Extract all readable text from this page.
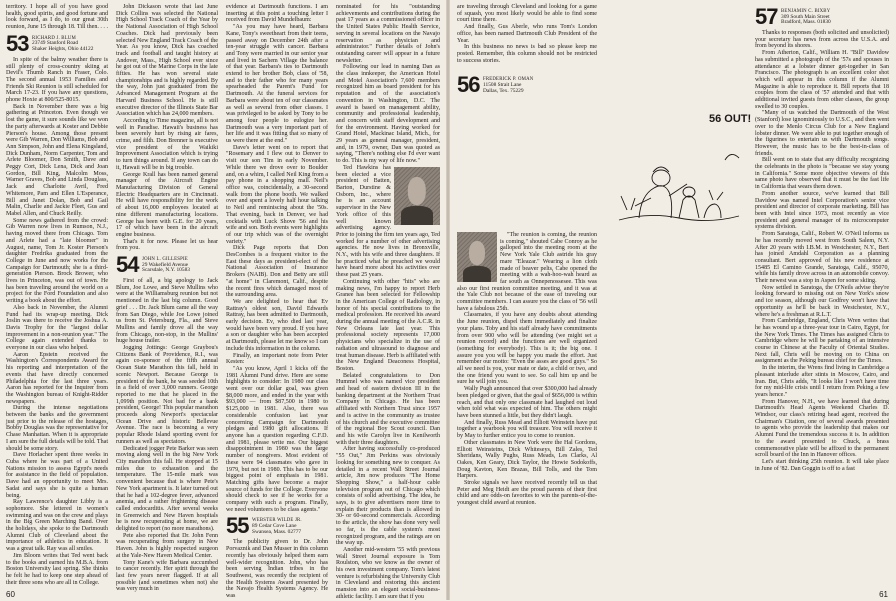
territory. I hope all of you have good health, good spirits, and good fortune and look forward, as I do, to our great 30th reunion, June 15 through 18. Till then. . . .

53 RICHARD J. BLUM
23749 Stanford Road
Shaker Heights, Ohio 44122

In spite of the balmy weather there is still plenty of cross-country skiing at Devil's Thumb Ranch in Fraser, Colo. The second annual 1953 Families and Friends Ski Reunion is still scheduled for March 17-23. If you have any questions, phone Hoxie at 800/525-8015.

Back in November there was a big gathering at Princeton. Even though we lost the game, it sure sounds like we won the party afterwards at Koster and Debbie Pierson's house. Among those present were Gib Warren, Don Williams, Bob and Ann Simpson, John and Elena Kingsland, Dick Dunham, Norm Carpenter, Tom and Arlete Bloomer, Don Smith, Dave and Peggy Cort, Dick Lena, Dick and Joan Gordon, Bill King, Malcolm Moss, Warner Graves, Bob and Linda Douglass, Jack and Charlotte Avril, Fred Whitemore, Pam and Ellen L'Esperance, Bill and Janet Dolan, Bob and Gail Malin, Charlie and Jackie Fleet, Gus and Mabel Allen, and Chuck Reilly.

Some news gathered from the crowd: Gib Warren now lives in Rumson, N.J., having moved there from Chicago. Tom and Arlete had a "late bloomer" in August, name, Tom Jr. Koster Pierson's daughter Fredrika graduated from the College in June and now works for the Campaign for Dartmouth; she is a third-generation Pierson. Brock Brower, who lives in Princeton, was out of town. He has been traveling around the world on a project for the Ford Foundation and also writing a book about the effort.

Also back in November, the Alumni Fund had its wrap-up meeting. Dick Joslin was there to receive the Joshua A. Davis Trophy for the "largest dollar improvement in a non-reunion year." The College again extended thanks to everyone in our class who helped.

Aaron Epstein received the Washington's Correspondents Award for his reporting and interpretation of the events that have directly concerned Philadelphia for the last three years. Aaron has reported for the Inquirer from the Washington bureau of Knight-Ridder newspapers.

During the intense negotiations between the banks and the government just prior to the release of the hostages, Bobby Douglas was the representative for Chase Manhattan. When it is appropriate I am sure the full details will be told. That should be some story.

Dave Horlacher spent three weeks in Cuba where he was part of a United Nations mission to assess Egypt's needs for assistance in the field of population. Dave had an opportunity to meet Mrs. Sadat and says she is quite a human being.

Ray Lawrence's daughter Libby is a sophomore. She lettered in women's swimming and was on the crew and plays in the Big Green Marching Band. Over the holidays, she spoke to the Dartmouth Alumni Club of Cleveland about the importance of athletics in education. It was a great talk. Ray was all smiles.

Jim Bloom writes that Ted went back to the books and earned his M.B.A. from Boston University last spring. She thinks he felt he had to keep one step ahead of their three sons who are all in College.

John Dickason wrote that last June Dick Collins was selected the National High School Track Coach of the Year by the National Association of High School Coaches. Dick had previously been selected New England Track Coach of the Year. As you know, Dick has coached track and football and taught history at Andover, Mass., High School ever since he got out of the Marine Corps in the late fifties. He has won several state championships and is highly regarded. By the way, John just graduated from the Advanced Management Program at the Harvard Business School. He is still executive director of the Illinois State Bar Association which has 24,000 members.

According to Time magazine, all is not well in Paradise. Hawaii's business has been severely hurt by rising air fares, crime, and filth. Don Brenner is executive vice president of the Waikiki Improvement Association which is trying to turn things around. If any town can do it, Hawaii will be in big trouble.

George Krall has been named general manager of the Aircraft Engine Manufacturing Division of General Electric Headquarters are in Cincinnati. He will have responsibility for the work of about 16,000 employees located at nine different manufacturing locations. George has been with G.E. for 20 years, 17 of which have been in the aircraft engine business.

That's it for now. Please let us hear from you.

54 JOHN L. GILLESPIE
29 Wakefield Avenue
Scarsdale, N.Y. 10583

First of all, a big apology to Jack Blum, Joe Lowe, and Steve Mullins who were at the Williamsburg reunion but not mentioned in the last big column. Good grief . . . Dr. Jack Blum came all the way from San Diego, while Joe Lowe joined us from St. Petersburg, Fla., and Steve Mullins and family drove all the way from Chicago, non-stop, in the Mullins' huge house trailer.

Jogging Jottings: George Graybou's Citizens Bank of Providence, R.I., was again co-sponsor of the fifth annual Ocean State Marathon this fall, held in scenic Newport. Because George is president of the bank, he was seeded 10th in a field of over 3,000 runners. George reported to me that he placed in the 1,099th position. Not bad for a bank president, George! This popular marathon proceeds along Newport's spectacular Ocean Drive and historic Bellevue Avenue. The race is becoming a very popular Rhode Island sporting event for runners as well as spectators.

Dedicated jogger Pete Barker was seen moving along well in the big New York City marathon this fall. He stopped at 15 miles due to exhaustion and the temperature. The 15-mile mark was convenient because that is where Pete's New York apartment is. It later turned out that he had a 102-degree fever, advanced anemia, and a rather frightening disease called endocarditis. After several weeks in Greenwich and New Haven hospitals he is now recuperating at home, we are delighted to report (no more marathons).

Pete also reported that Dr. John Fenn was recuperating from surgery in New Haven. John is highly respected surgeon at the Yale-New Haven Medical Center.

Tony Kane's wife Barbara succumbed to cancer recently. Her spirit through the last few years never flagged. If at all possible (and sometimes when not) she was very much in

evidence at Dartmouth functions. I am inserting at this point a touching letter I received from David Mundelbaum:

"As you may have heard, Barbara Kane, Tony's sweetheart from their teens, passed away on December 24th after a ten-year struggle with cancer. Barbara and Tony were married in our senior year and lived in Sachem Village the balance of that year. Barbara's ties to Dartmouth extend to her brother Bob, class of '58, and to their father who for many years spearheaded the Parent's Fund for Dartmouth. At the funeral services for Barbara were about ten of our classmates as well as several from other classes. I was privileged to be asked by Tony to be among four people to eulogize her. Dartmouth was a very important part of her life and it was fitting that so many of us were there at the end."

Dave's letter went on to report that "Rosemary and I flew out to Denver to visit our son Tim in early November. While there we drove over to Boulder and, on a whim, I called Neil King from a pay phone in a shopping mall. Neil's office was, coincidentally, a 30-second walk from the phone booth. We walked over and spent a lovely half hour talking to Neil and reminiscing about the '50s. That evening, back in Denver, we had cocktails with Luck Shove '56 and his wife and son. Both events were highlights of our trip which was of the overnight variety."

Dick Page reports that Don DesCombes is a frequent visitor to the East these days as president-elect of the National Association of Insurance Brokers (NAIB). Don and Betty are still "at home" in Claremont, Calif., despite the recent fires which damaged most of the surrounding area.

We are delighted to hear that Ev Rattray's oldest son, David Edwards Rattray, has been admitted to Dartmouth, early decision. Ev, who died last year, would have been very proud. If you have a son or daughter who has been accepted at Dartmouth, please let me know so I can include this information in the column.

Finally, an important note from Peter Kesten:

"As you know, April 1 kicks off the 1981 Alumni Fund drive. Here are some highlights to consider: In 1980 our class went over our dollar goal, was given $8,000 more, and ended in the year with $93,000 — from $87,500 in 1980 to $125,000 in 1981. Also, there was considerable confusion last year concerning Campaign for Dartmouth pledges and 1980 gift allocations. If anyone has a question regarding C.F.D. and 1981, please write me. Our biggest disappointment in 1980 was the large number of nongivers. Most evident of these were 94 classmates who gave in 1979, but not in 1980. This has to be our biggest point of emphasis in 1981. Matching gifts have become a major source of funds for the College. Everyone should check to see if he works for a company with such a program. Finally, we need volunteers to be class agents."

55 WEBSTER WILDE JR.
89 Cedar Cove Lane
Swansea, Mass. 02777

The publicity given to Dr. John Porvaznik and Dan Musser in this column recently has obviously helped them earn well-wider recognition. John, who has been serving Indian tribes in the Southwest, was recently the recipient of the Health Systems Award presented by the Navajo Health Systems Agency. He was

nominated for his "outstanding achievements and contributions during the past 17 years as a commissioned officer in the United States Public Health Service, serving in several locations on the Navajo reservation as physician and administrator." Further details of John's outstanding career will appear in a future newsletter.

Following our lead in naming Dan as the class innkeeper, the American Hotel and Motel Association's 7,600 members recognized him as board president for his reputation and of the association's convention in Washington, D.C. The award is based on management ability, community and professional leadership, and concern with staff development and for the environment. Having worked for Grand Hotel, Mackinac Island, Mich., for 29 years as general manager, president, and, in 1979, owner, Dan was quoted as saying, "There's nothing else I'd ever want to do. This is my way of life now."

Ted Hawkins has been elected a vice president of Batten, Barton, Durstine & Osborn, Inc., where he is an account supervisor in the New York office of this well known advertising agency. Prior to joining the firm ten years ago, Ted worked for a number of other advertising agencies. He now lives in Bronxville, N.Y., with his wife and three daughters. If he practiced what he preached we would have heard more about his activities over these past 25 years.

Continuing with other "hits" who are making news, I'm happy to report Herb Granee has been selected for Fellowship in the American College of Radiology, in honor of his special contributions to the medical profession. He received his award during the annual meeting of the A.C.R. in New Orleans late last year. This professional society represents 17,000 physicians who specialize in the use of radiation and ultrasound to diagnose and treat human disease. Herb is affiliated with the New England Deaconess Hospital, Boston.

Belated congratulations to Don Hummel who was named vice president and head of eastern division III in the banking department at the Northern Trust Company in Chicago. He has been affiliated with Northern Trust since 1957 and is active in the community as trustee of his church and the executive committee of the regional Boy Scout council. Dan and his wife Carolyn live in Kenilworth with their three daughters.

After having successfully co-produced "55 Out," Jim Perkins was obviously looking for something new to conquer. As detailed in a recent Wall Street Journal article, Jim now produces "The Home Shopping Show," a half-hour cable television program out of Chicago which consists of solid advertising. The idea, he says, is to give advertisers more time to explain their products than is allowed in 30- or 60-second commercials. According to the article, the show has done very well so far, is the cable system's most recognized program, and the ratings are on the way up.

Another mid-western '55 with previous Wall Street Journal exposure is Tom Roulston, who we know as the owner of his own investment company. Tom's latest venture is refurbishing the University Club in Cleveland and restoring this ancient mansion into an elegant social-business-athletic facility. I am sure that if you

60

are traveling through Cleveland and looking for a game of squash, you most likely would be able to find some court time there.

And finally, Gus Aberle, who runs Tom's London office, has been named Dartmouth Club President of the Year.

In this business no news is bad so please keep me posted. Remember, this column should not be restricted to success stories.

56 FREDERICK P. OMAN
11508 Strait Lane
Dallas, Tex. 75229
56 OUT!

"The reunion is coming, the reunion is coming," shouted Cabe Conroy as he galloped into the meeting room at the New York Yale Club astride his gray mare "Eleazar." Wearing a lion cloth made of beaver pelts, Cabe opened the meeting with a wah-hoo-wah heard as far south as Onnepenossesee. This was also our first reunion committee meeting, and it was at the Yale Club not because of the ease of traveling our committee members. I can assure you the class of '56 will have a fabulous 25th.

Classmates, if you have any doubts about attending the June reunion, dispel them immediately and finalize your plans. Toby and his staff already have commitments from over 900 who will be attending (we might set a reunion record) and the functions are well organized (something for everybody). This is it; the big one. I assure you you will be happy you made the effort. Just remember our motto: "Even the asses are good guys." So all we need is you, your mate or date, a child or two, and the one friend you want to see. So call him up and be sure he will join you.

Wally Pugh announced that over $300,000 had already been pledged or given, that the goal of $656,000 is within reach, and that only one classmate had laughed out loud when told what was expected of him. The others might have been stunned a little, but they didn't laugh.

And finally, Russ Mead and Elliott Weinstein have put together a yearbook you will treasure. You will receive it by May to further entice you to come to reunion.

Other classmates in New York were the Hal Gordons, Elliott Weinsteins, Dick Whiteseys, Bill Zales, Ted Sheridans, Wally Pughs, Russ Meads, Les Clarks, Al Oakes, Ken Geary, Dick Taylor, the Howie Sodokoffs, Doug Kavton, Ken Brazas, Bill Tolls, and the Tom Harpers.

Stroke signals we have received recently tell us that Peter and Meg Heidt are the proud parents of their first child and are odds-on favorites to win the parents-of-the-youngest child award at reunion.

57 BENJAMIN C. BIXBY
309 South Main Street
Bradford, Mass. 01830

Thanks to responses (both solicited and unsolicited) your secretary has news from across the U.S.A. and from beyond its shores.

From Atherton, Calif., William H. "Bill" Davidow has submitted a photograph of the '57s and spouses in attendance at a lobster dinner get-together in San Francisco. The photograph is an excellent color shot which will appear in this column if the Alumni Magazine is able to reproduce it. Bill reports that 18 couples from the class of '57 attended and that with additional invited guests from other classes, the group swelled to 30 couples.

"Many of us watched the Dartmouth of the West (Stanford) lose ignominiously to U.S.C., and then went over to the Menlo Circus Club for a New England lobster dinner. We were able to put together enough of the figurines to entertain us with Dartmouth songs. However, the music has to be the best-in-class of friends.

Bill went on to state that any difficulty recognizing the celebrants in the photo is "because we stay young in California." Some more objective viewers of this same photo have observed that it must be the fast life in California that wears them down.

From another source, we've learned that Bill Davidow was named Intel Corporation's senior vice president and director of corporate marketing. Bill has been with Intel since 1973, most recently as vice president and general manager of its microcomputer systems division.

From Saratoga, Calif., Robert W. O'Neil informs us he has recently moved west from South Salem, N.Y. After 20 years with I.B.M. in Westchester, N.Y., Bert has joined Amdahl Corporation as a planning consultant. Bert approved of his new residence at 15485 El Camino Grande, Saratoga, Calif., 95070, while his family drove across in an automobile convoy. Their newest was a stop in Aspen for some skiing.

Now settled in Saratoga, the O'Neils advise they're looking forward to missing out on New York's snow and ice season, although our Godfrey won't have that opportunity as he'll be back in Westchester, N.Y., where he's a freshman at R.L.T.

From Cambridge, England, Chris Wren writes that he has wound up a three-year tour in Cairo, Egypt, for the New York Times. The Times has assigned Chris to Cambridge where he will be partaking of an intensive course in Chinese at the Faculty of Oriental Studies. Next fall, Chris will be moving on to China on assignment as the Peking bureau chief for the Times.

In the interim, the Wrens find living in Cambridge a pleasant interlude after stints in Moscow, Cairo, and Iran. But, Chris adds, "It looks like I won't have time for my mid-life crisis until I return from Peking a few years hence."

From Hanover, N.H., we have learned that during Dartmouth's Head Agents Weekend Charles D. Windsor, our class's retiring head agent, received the Chairman's Citation, one of several awards presented to agents who provide the leadership that makes our Alumni Fund the tremendous success it is. In addition to the award presented to Chuck, a brass commemorative plate will be affixed to the permanent scroll board of the Inn in Hanover offices.

Let's start thinking 25th reunion. It will take place in June of '82. Dan Goggin is off to a fast

61
